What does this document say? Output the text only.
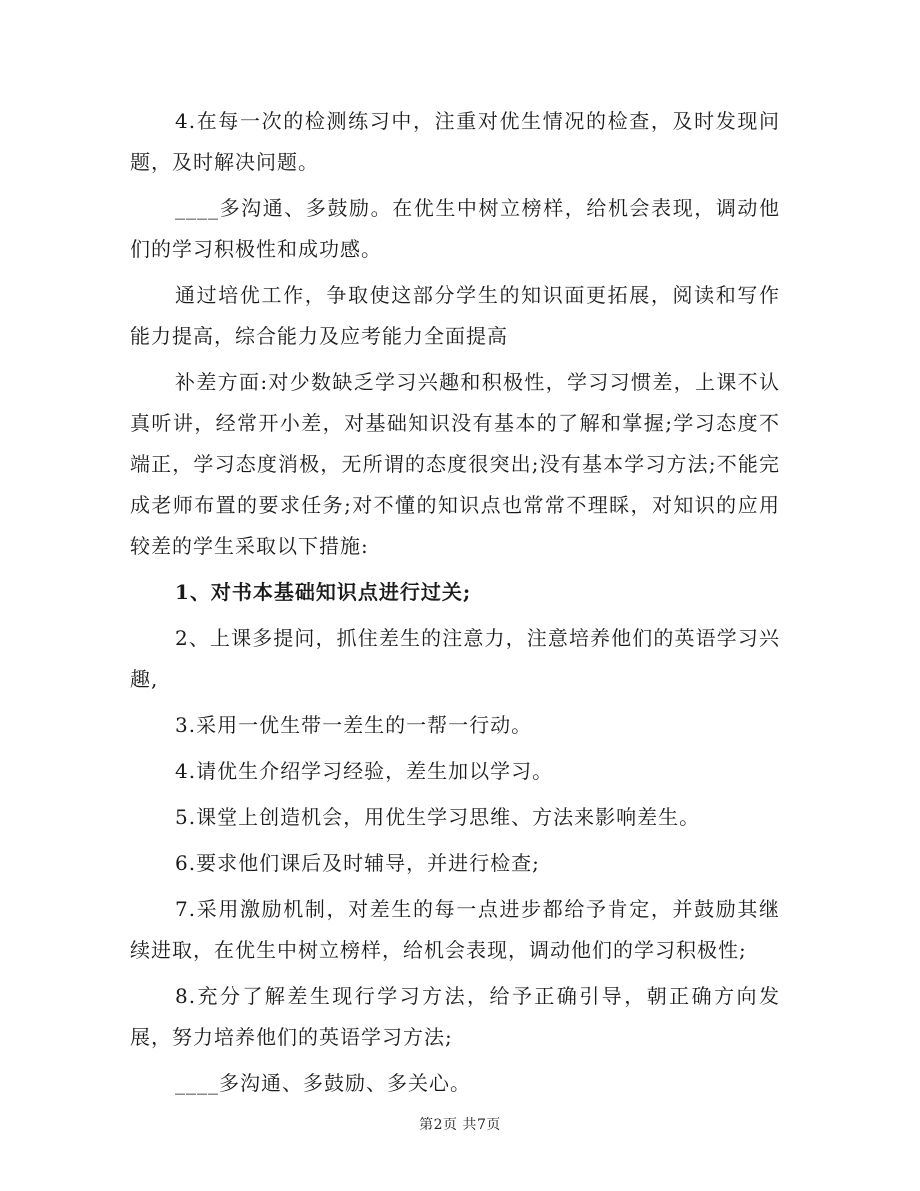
4.在每一次的检测练习中，注重对优生情况的检查，及时发现问题，及时解决问题。

____多沟通、多鼓励。在优生中树立榜样，给机会表现，调动他们的学习积极性和成功感。

通过培优工作，争取使这部分学生的知识面更拓展，阅读和写作能力提高，综合能力及应考能力全面提高

补差方面:对少数缺乏学习兴趣和积极性，学习习惯差，上课不认真听讲，经常开小差，对基础知识没有基本的了解和掌握;学习态度不端正，学习态度消极，无所谓的态度很突出;没有基本学习方法;不能完成老师布置的要求任务;对不懂的知识点也常常不理睬，对知识的应用较差的学生采取以下措施:

1、对书本基础知识点进行过关;

2、上课多提问，抓住差生的注意力，注意培养他们的英语学习兴趣,

3.采用一优生带一差生的一帮一行动。

4.请优生介绍学习经验，差生加以学习。

5.课堂上创造机会，用优生学习思维、方法来影响差生。

6.要求他们课后及时辅导，并进行检查;

7.采用激励机制，对差生的每一点进步都给予肯定，并鼓励其继续进取，在优生中树立榜样，给机会表现，调动他们的学习积极性;

8.充分了解差生现行学习方法，给予正确引导，朝正确方向发展，努力培养他们的英语学习方法;

____多沟通、多鼓励、多关心。

第2页 共7页
